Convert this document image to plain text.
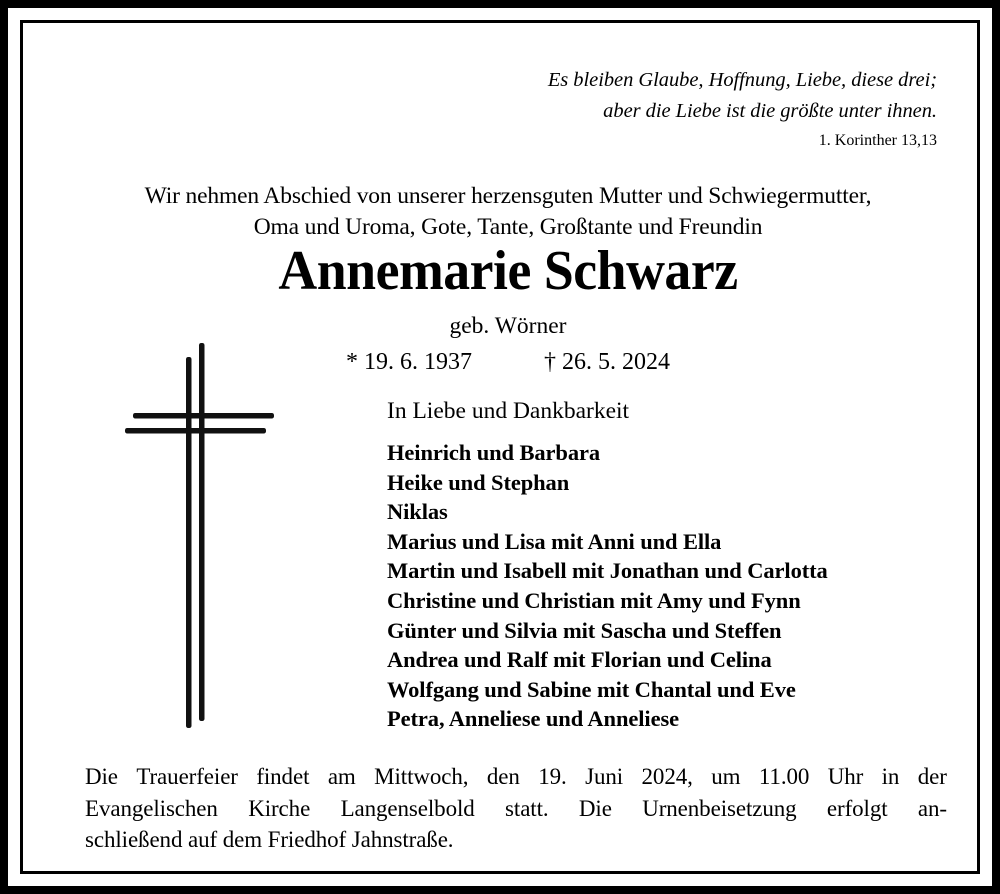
Es bleiben Glaube, Hoffnung, Liebe, diese drei;
aber die Liebe ist die größte unter ihnen.
1. Korinther 13,13
Wir nehmen Abschied von unserer herzensguten Mutter und Schwiegermutter,
Oma und Uroma, Gote, Tante, Großtante und Freundin
Annemarie Schwarz
geb. Wörner
* 19. 6. 1937	† 26. 5. 2024
In Liebe und Dankbarkeit
Heinrich und Barbara
Heike und Stephan
Niklas
Marius und Lisa mit Anni und Ella
Martin und Isabell mit Jonathan und Carlotta
Christine und Christian mit Amy und Fynn
Günter und Silvia mit Sascha und Steffen
Andrea und Ralf mit Florian und Celina
Wolfgang und Sabine mit Chantal und Eve
Petra, Anneliese und Anneliese
Die Trauerfeier findet am Mittwoch, den 19. Juni 2024, um 11.00 Uhr in der
Evangelischen Kirche Langenselbold statt. Die Urnenbeisetzung erfolgt an-
schließend auf dem Friedhof Jahnstraße.
